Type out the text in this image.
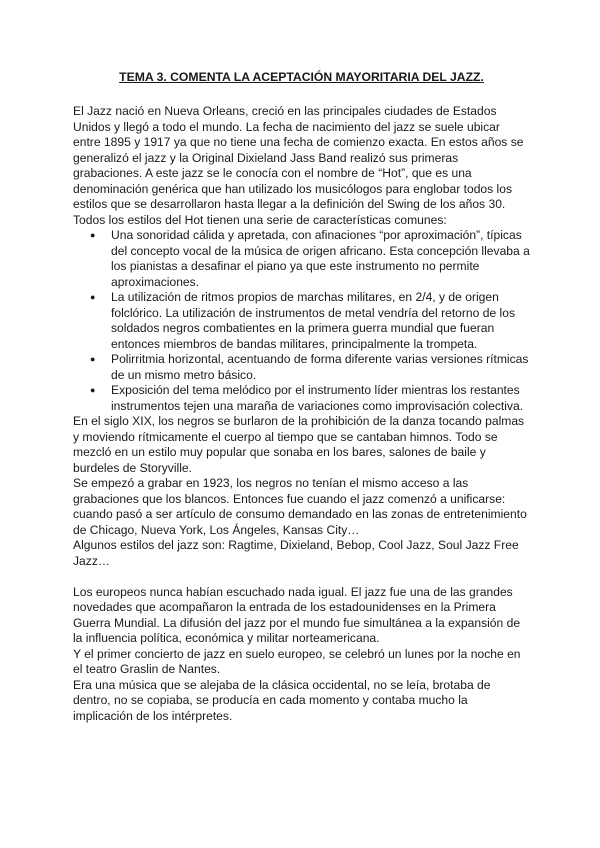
TEMA 3. COMENTA LA ACEPTACIÓN MAYORITARIA DEL JAZZ.

El Jazz nació en Nueva Orleans, creció en las principales ciudades de Estados Unidos y llegó a todo el mundo. La fecha de nacimiento del jazz se suele ubicar entre 1895 y 1917 ya que no tiene una fecha de comienzo exacta. En estos años se generalizó el jazz y la Original Dixieland Jass Band realizó sus primeras grabaciones. A este jazz se le conocía con el nombre de “Hot”, que es una denominación genérica que han utilizado los musicólogos para englobar todos los estilos que se desarrollaron hasta llegar a la definición del Swing de los años 30.

Todos los estilos del Hot tienen una serie de características comunes:

● Una sonoridad cálida y apretada, con afinaciones “por aproximación”, típicas del concepto vocal de la música de origen africano. Esta concepción llevaba a los pianistas a desafinar el piano ya que este instrumento no permite aproximaciones.
● La utilización de ritmos propios de marchas militares, en 2/4, y de origen folclórico. La utilización de instrumentos de metal vendría del retorno de los soldados negros combatientes en la primera guerra mundial que fueran entonces miembros de bandas militares, principalmente la trompeta.
● Polirritmia horizontal, acentuando de forma diferente varias versiones rítmicas de un mismo metro básico.
● Exposición del tema melódico por el instrumento líder mientras los restantes instrumentos tejen una maraña de variaciones como improvisación colectiva.

En el siglo XIX, los negros se burlaron de la prohibición de la danza tocando palmas y moviendo rítmicamente el cuerpo al tiempo que se cantaban himnos. Todo se mezcló en un estilo muy popular que sonaba en los bares, salones de baile y burdeles de Storyville.

Se empezó a grabar en 1923, los negros no tenían el mismo acceso a las grabaciones que los blancos. Entonces fue cuando el jazz comenzó a unificarse: cuando pasó a ser artículo de consumo demandado en las zonas de entretenimiento de Chicago, Nueva York, Los Ángeles, Kansas City…

Algunos estilos del jazz son: Ragtime, Dixieland, Bebop, Cool Jazz, Soul Jazz Free Jazz…

Los europeos nunca habían escuchado nada igual. El jazz fue una de las grandes novedades que acompañaron la entrada de los estadounidenses en la Primera Guerra Mundial. La difusión del jazz por el mundo fue simultánea a la expansión de la influencia política, económica y militar norteamericana.

Y el primer concierto de jazz en suelo europeo, se celebró un lunes por la noche en el teatro Graslin de Nantes.

Era una música que se alejaba de la clásica occidental, no se leía, brotaba de dentro, no se copiaba, se producía en cada momento y contaba mucho la implicación de los intérpretes.
